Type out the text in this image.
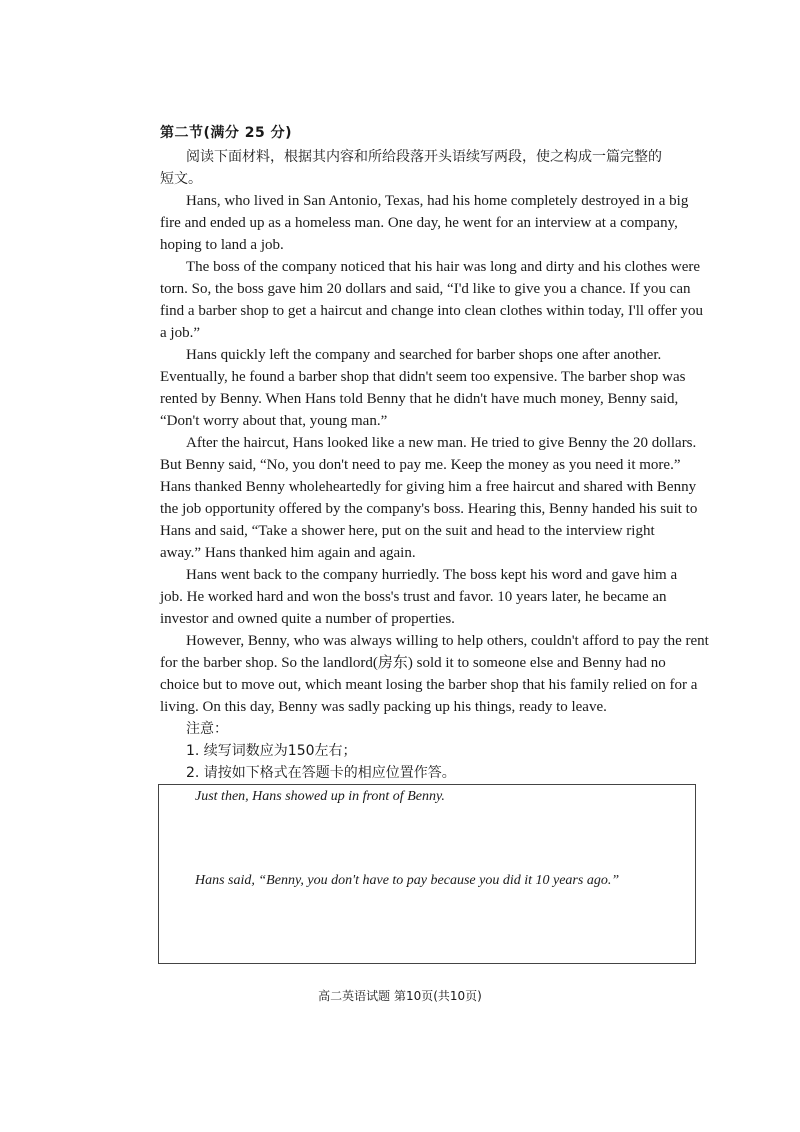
第二节(满分 25 分)
阅读下面材料，根据其内容和所给段落开头语续写两段，使之构成一篇完整的
短文。
Hans, who lived in San Antonio, Texas, had his home completely destroyed in a big
fire and ended up as a homeless man. One day, he went for an interview at a company,
hoping to land a job.
The boss of the company noticed that his hair was long and dirty and his clothes were
torn. So, the boss gave him 20 dollars and said, “I'd like to give you a chance. If you can
find a barber shop to get a haircut and change into clean clothes within today, I'll offer you
a job.”
Hans quickly left the company and searched for barber shops one after another.
Eventually, he found a barber shop that didn't seem too expensive. The barber shop was
rented by Benny. When Hans told Benny that he didn't have much money, Benny said,
“Don't worry about that, young man.”
After the haircut, Hans looked like a new man. He tried to give Benny the 20 dollars.
But Benny said, “No, you don't need to pay me. Keep the money as you need it more.”
Hans thanked Benny wholeheartedly for giving him a free haircut and shared with Benny
the job opportunity offered by the company's boss. Hearing this, Benny handed his suit to
Hans and said, “Take a shower here, put on the suit and head to the interview right
away.” Hans thanked him again and again.
Hans went back to the company hurriedly. The boss kept his word and gave him a
job. He worked hard and won the boss's trust and favor. 10 years later, he became an
investor and owned quite a number of properties.
However, Benny, who was always willing to help others, couldn't afford to pay the rent
for the barber shop. So the landlord(房东) sold it to someone else and Benny had no
choice but to move out, which meant losing the barber shop that his family relied on for a
living. On this day, Benny was sadly packing up his things, ready to leave.
注意：
1. 续写词数应为150左右；
2. 请按如下格式在答题卡的相应位置作答。
Just then, Hans showed up in front of Benny.
Hans said, “Benny, you don't have to pay because you did it 10 years ago.”
高二英语试题 第10页(共10页)
